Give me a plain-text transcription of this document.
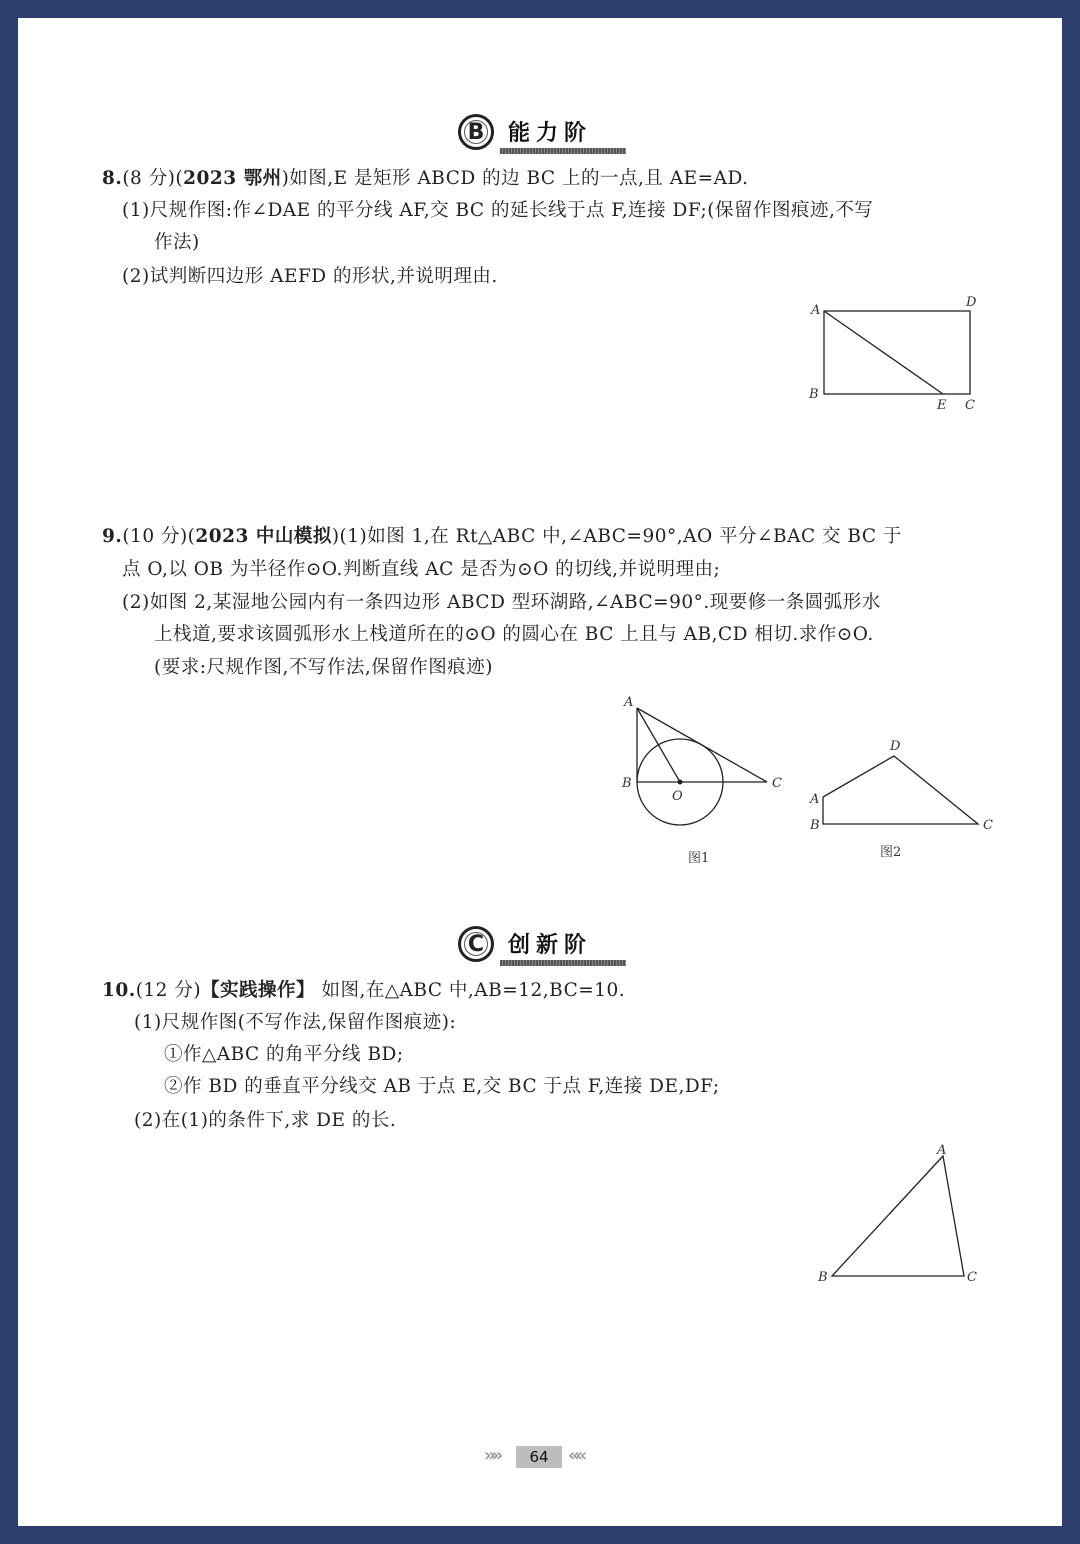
B	能力阶
8.(8 分)(2023 鄂州)如图,E 是矩形 ABCD 的边 BC 上的一点,且 AE=AD.
(1)尺规作图:作∠DAE 的平分线 AF,交 BC 的延长线于点 F,连接 DF;(保留作图痕迹,不写
作法)
(2)试判断四边形 AEFD 的形状,并说明理由.
A
D
B
E C
9.(10 分)(2023 中山模拟)(1)如图 1,在 Rt△ABC 中,∠ABC=90°,AO 平分∠BAC 交 BC 于
点 O,以 OB 为半径作⊙O.判断直线 AC 是否为⊙O 的切线,并说明理由;
(2)如图 2,某湿地公园内有一条四边形 ABCD 型环湖路,∠ABC=90°.现要修一条圆弧形水
上栈道,要求该圆弧形水上栈道所在的⊙O 的圆心在 BC 上且与 AB,CD 相切.求作⊙O.
(要求:尺规作图,不写作法,保留作图痕迹)
A
B
O
C
图1
D
A
B	C
图2
C	创新阶
10.(12 分)【实践操作】 如图,在△ABC 中,AB=12,BC=10.
(1)尺规作图(不写作法,保留作图痕迹):
①作△ABC 的角平分线 BD;
②作 BD 的垂直平分线交 AB 于点 E,交 BC 于点 F,连接 DE,DF;
(2)在(1)的条件下,求 DE 的长.
A
B	C
»»	64	««
